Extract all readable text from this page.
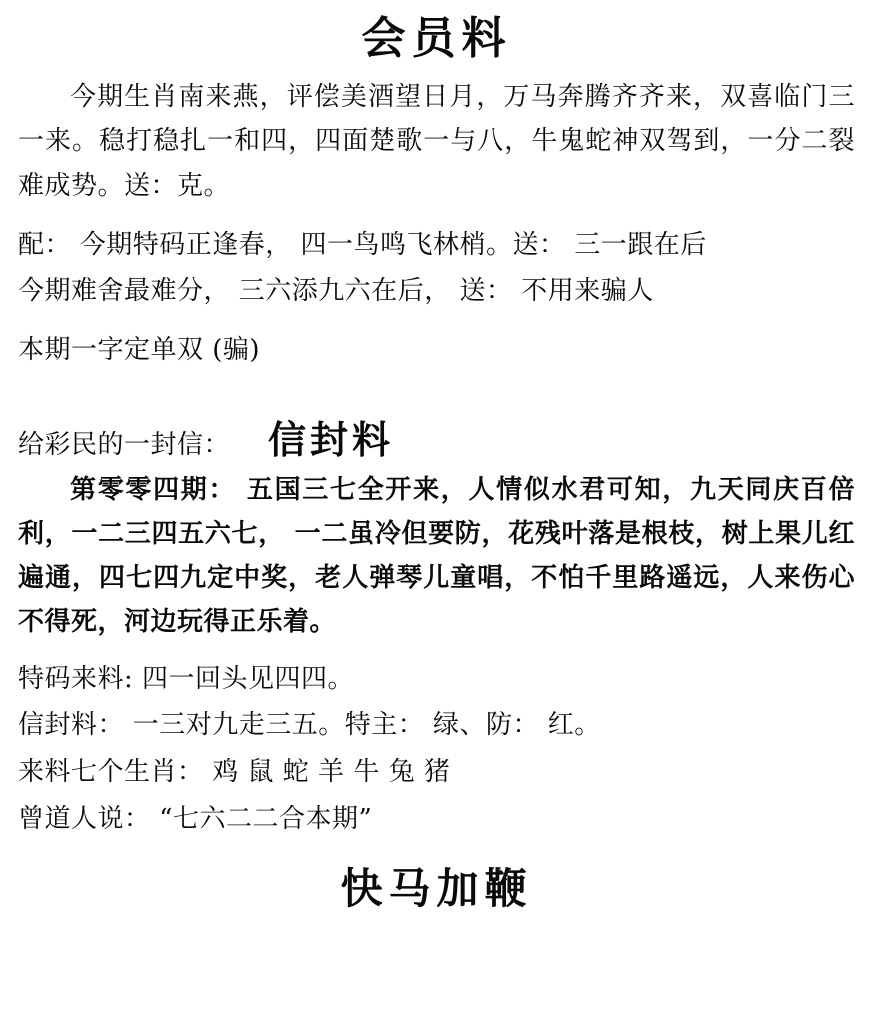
会员料
今期生肖南来燕，评偿美酒望日月，万马奔腾齐齐来，双喜临门三一来。稳打稳扎一和四，四面楚歌一与八，牛鬼蛇神双驾到，一分二裂难成势。送：克。
配： 今期特码正逢春， 四一鸟鸣飞林梢。送： 三一跟在后
今期难舍最难分， 三六添九六在后， 送： 不用来骗人
本期一字定单双 (骗)
给彩民的一封信： 信封料
第零零四期： 五国三七全开来，人情似水君可知，九天同庆百倍利，一二三四五六七， 一二虽冷但要防，花残叶落是根枝，树上果儿红遍通，四七四九定中奖，老人弹琴儿童唱，不怕千里路遥远，人来伤心不得死，河边玩得正乐着。
特码来料: 四一回头见四四。
信封料： 一三对九走三五。特主： 绿、防： 红。
来料七个生肖： 鸡 鼠 蛇 羊 牛 兔 猪
曾道人说： “七六二二合本期”
快马加鞭
